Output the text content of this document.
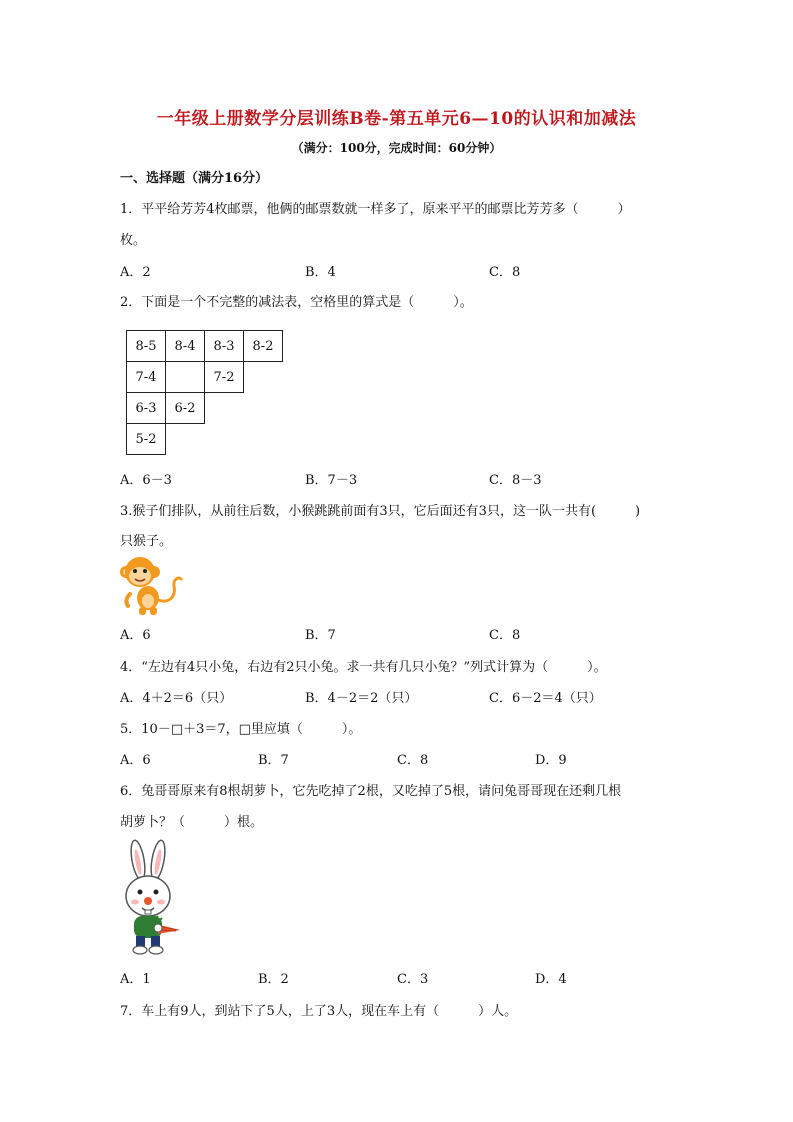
一年级上册数学分层训练B卷-第五单元6—10的认识和加减法
（满分：100分，完成时间：60分钟）
一、选择题（满分16分）
1．平平给芳芳4枚邮票，他俩的邮票数就一样多了，原来平平的邮票比芳芳多（　　　）
枚。
A．2	B．4	C．8
2．下面是一个不完整的减法表，空格里的算式是（　　　）。
8-5	8-4	8-3	8-2
7-4		7-2	
6-3	6-2		
5-2			
A．6－3	B．7－3	C．8－3
3.猴子们排队，从前往后数，小猴跳跳前面有3只，它后面还有3只，这一队一共有(　　　)
只猴子。
A．6	B．7	C．8
4．“左边有4只小兔，右边有2只小兔。求一共有几只小兔？”列式计算为（　　　）。
A．4＋2＝6（只）	B．4－2＝2（只）	C．6－2＝4（只）
5．10－□＋3＝7，□里应填（　　　）。
A．6	B．7	C．8	D．9
6．兔哥哥原来有8根胡萝卜，它先吃掉了2根，又吃掉了5根，请问兔哥哥现在还剩几根
胡萝卜？（　　　）根。
A．1	B．2	C．3	D．4
7．车上有9人，到站下了5人，上了3人，现在车上有（　　　）人。
